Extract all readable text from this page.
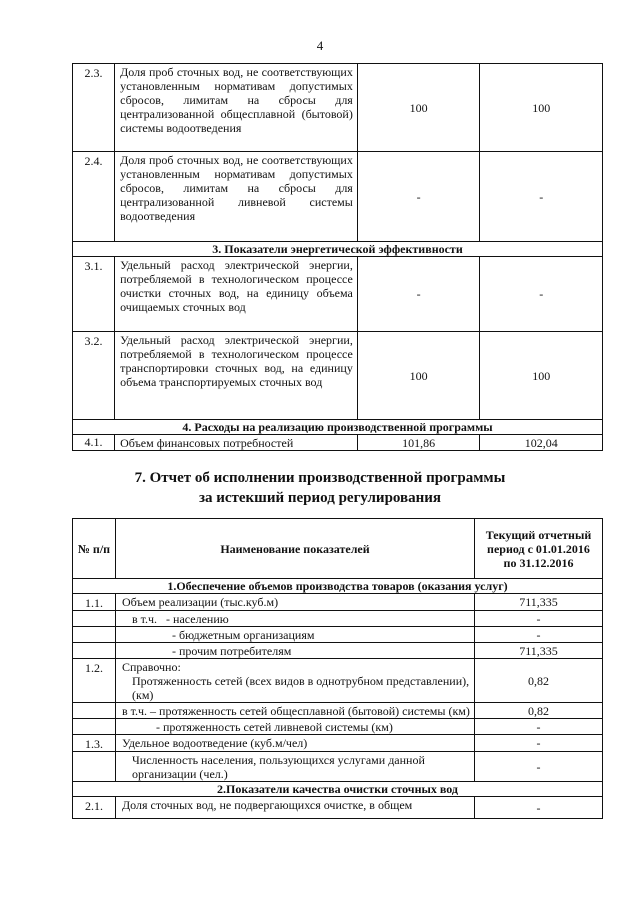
4
2.3.	Доля проб сточных вод, не соответствующих установленным нормативам допустимых сбросов, лимитам на сбросы для централизованной общесплавной (бытовой) системы водоотведения	100	100
2.4.	Доля проб сточных вод, не соответствующих установленным нормативам допустимых сбросов, лимитам на сбросы для централизованной ливневой системы водоотведения	-	-
3. Показатели энергетической эффективности			
3.1.	Удельный расход электрической энергии, потребляемой в технологическом процессе очистки сточных вод, на единицу объема очищаемых сточных вод	-	-
3.2.	Удельный расход электрической энергии, потребляемой в технологическом процессе транспортировки сточных вод, на единицу объема транспортируемых сточных вод	100	100
4. Расходы на реализацию производственной программы			
4.1.	Объем финансовых потребностей	101,86	102,04
7. Отчет об исполнении производственной программы
за истекший период регулирования
№ п/п	Наименование показателей	Текущий отчетный период с 01.01.2016 по 31.12.2016
1.Обеспечение объемов производства товаров (оказания услуг)		
1.1.	Объем реализации (тыс.куб.м)	711,335
	в т.ч. - населению	-
	- бюджетным организациям	-
	- прочим потребителям	711,335
1.2.	Справочно:
Протяженность сетей (всех видов в однотрубном представлении), (км)	0,82
	в т.ч. – протяженность сетей общесплавной (бытовой) системы (км)	0,82
	- протяженность сетей ливневой системы (км)	-
1.3.	Удельное водоотведение (куб.м/чел)	-
	Численность населения, пользующихся услугами данной организации (чел.)	-
2.Показатели качества очистки сточных вод		
2.1.	Доля сточных вод, не подвергающихся очистке, в общем	-
